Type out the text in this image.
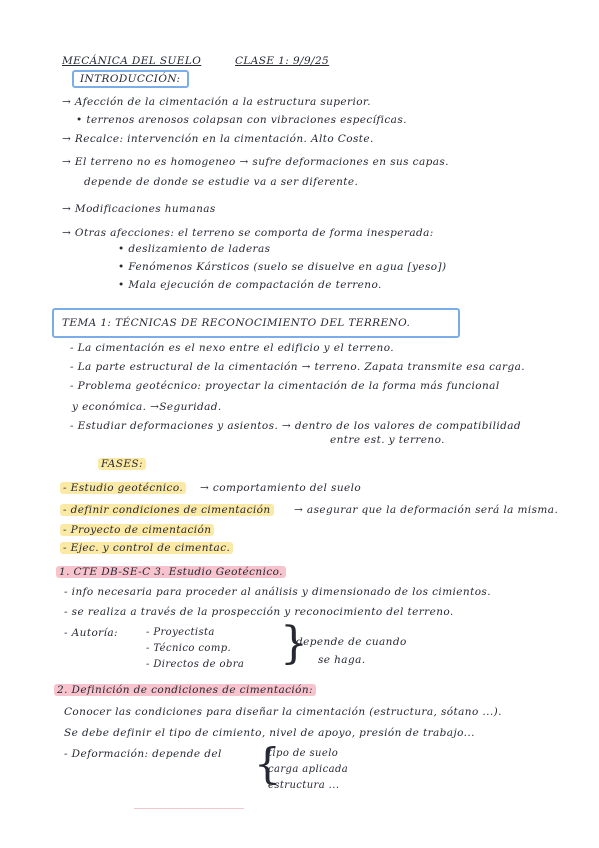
MECÁNICA DEL SUELO	CLASE 1: 9/9/25
INTRODUCCIÓN:
→ Afección de la cimentación a la estructura superior.
• terrenos arenosos colapsan con vibraciones específicas.
→ Recalce: intervención en la cimentación. Alto Coste.
→ El terreno no es homogeneo → sufre deformaciones en sus capas.
depende de donde se estudie va a ser diferente.
→ Modificaciones humanas
→ Otras afecciones: el terreno se comporta de forma inesperada:
• deslizamiento de laderas
• Fenómenos Kársticos (suelo se disuelve en agua [yeso])
• Mala ejecución de compactación de terreno.
TEMA 1: TÉCNICAS DE RECONOCIMIENTO DEL TERRENO.
- La cimentación es el nexo entre el edificio y el terreno.
- La parte estructural de la cimentación → terreno. Zapata transmite esa carga.
- Problema geotécnico: proyectar la cimentación de la forma más funcional
y económica. →Seguridad.
- Estudiar deformaciones y asientos. → dentro de los valores de compatibilidad
entre est. y terreno.
FASES:
- Estudio geotécnico. → comportamiento del suelo
- definir condiciones de cimentación → asegurar que la deformación será la misma.
- Proyecto de cimentación
- Ejec. y control de cimentac.
1. CTE DB-SE-C 3. Estudio Geotécnico.
- info necesaria para proceder al análisis y dimensionado de los cimientos.
- se realiza a través de la prospección y reconocimiento del terreno.
- Autoría:	- Proyectista
- Técnico comp.
- Directos de obra }
depende de cuando
se haga.
2. Definición de condiciones de cimentación:
Conocer las condiciones para diseñar la cimentación (estructura, sótano ...).
Se debe definir el tipo de cimiento, nivel de apoyo, presión de trabajo...
- Deformación: depende del {
tipo de suelo
carga aplicada
estructura ...
